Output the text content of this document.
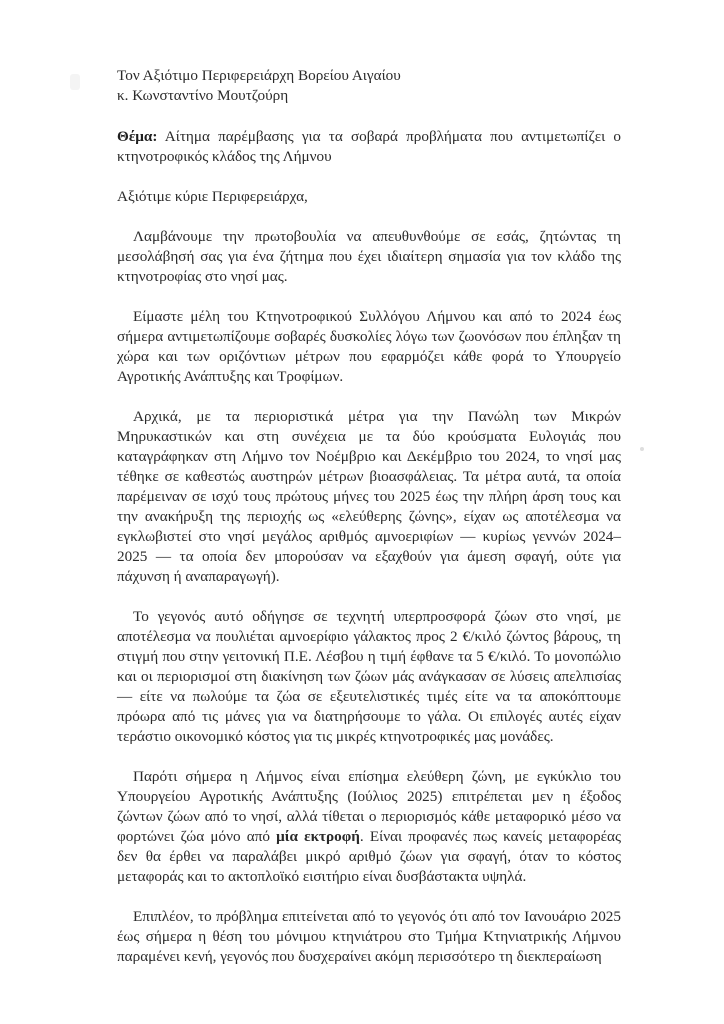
Τον Αξιότιμο Περιφερειάρχη Βορείου Αιγαίου
κ. Κωνσταντίνο Μουτζούρη
Θέμα: Αίτημα παρέμβασης για τα σοβαρά προβλήματα που αντιμετωπίζει ο κτηνοτροφικός κλάδος της Λήμνου
Αξιότιμε κύριε Περιφερειάρχα,

Λαμβάνουμε την πρωτοβουλία να απευθυνθούμε σε εσάς, ζητώντας τη μεσολάβησή σας για ένα ζήτημα που έχει ιδιαίτερη σημασία για τον κλάδο της κτηνοτροφίας στο νησί μας.

Είμαστε μέλη του Κτηνοτροφικού Συλλόγου Λήμνου και από το 2024 έως σήμερα αντιμετωπίζουμε σοβαρές δυσκολίες λόγω των ζωονόσων που έπληξαν τη χώρα και των οριζόντιων μέτρων που εφαρμόζει κάθε φορά το Υπουργείο Αγροτικής Ανάπτυξης και Τροφίμων.

Αρχικά, με τα περιοριστικά μέτρα για την Πανώλη των Μικρών Μηρυκαστικών και στη συνέχεια με τα δύο κρούσματα Ευλογιάς που καταγράφηκαν στη Λήμνο τον Νοέμβριο και Δεκέμβριο του 2024, το νησί μας τέθηκε σε καθεστώς αυστηρών μέτρων βιοασφάλειας. Τα μέτρα αυτά, τα οποία παρέμειναν σε ισχύ τους πρώτους μήνες του 2025 έως την πλήρη άρση τους και την ανακήρυξη της περιοχής ως «ελεύθερης ζώνης», είχαν ως αποτέλεσμα να εγκλωβιστεί στο νησί μεγάλος αριθμός αμνοεριφίων — κυρίως γεννών 2024–2025 — τα οποία δεν μπορούσαν να εξαχθούν για άμεση σφαγή, ούτε για πάχυνση ή αναπαραγωγή).

Το γεγονός αυτό οδήγησε σε τεχνητή υπερπροσφορά ζώων στο νησί, με αποτέλεσμα να πουλιέται αμνοερίφιο γάλακτος προς 2 €/κιλό ζώντος βάρους, τη στιγμή που στην γειτονική Π.Ε. Λέσβου η τιμή έφθανε τα 5 €/κιλό. Το μονοπώλιο και οι περιορισμοί στη διακίνηση των ζώων μάς ανάγκασαν σε λύσεις απελπισίας — είτε να πωλούμε τα ζώα σε εξευτελιστικές τιμές είτε να τα αποκόπτουμε πρόωρα από τις μάνες για να διατηρήσουμε το γάλα. Οι επιλογές αυτές είχαν τεράστιο οικονομικό κόστος για τις μικρές κτηνοτροφικές μας μονάδες.

Παρότι σήμερα η Λήμνος είναι επίσημα ελεύθερη ζώνη, με εγκύκλιο του Υπουργείου Αγροτικής Ανάπτυξης (Ιούλιος 2025) επιτρέπεται μεν η έξοδος ζώντων ζώων από το νησί, αλλά τίθεται ο περιορισμός κάθε μεταφορικό μέσο να φορτώνει ζώα μόνο από μία εκτροφή. Είναι προφανές πως κανείς μεταφορέας δεν θα έρθει να παραλάβει μικρό αριθμό ζώων για σφαγή, όταν το κόστος μεταφοράς και το ακτοπλοϊκό εισιτήριο είναι δυσβάστακτα υψηλά.

Επιπλέον, το πρόβλημα επιτείνεται από το γεγονός ότι από τον Ιανουάριο 2025 έως σήμερα η θέση του μόνιμου κτηνιάτρου στο Τμήμα Κτηνιατρικής Λήμνου παραμένει κενή, γεγονός που δυσχεραίνει ακόμη περισσότερο τη διεκπεραίωση
